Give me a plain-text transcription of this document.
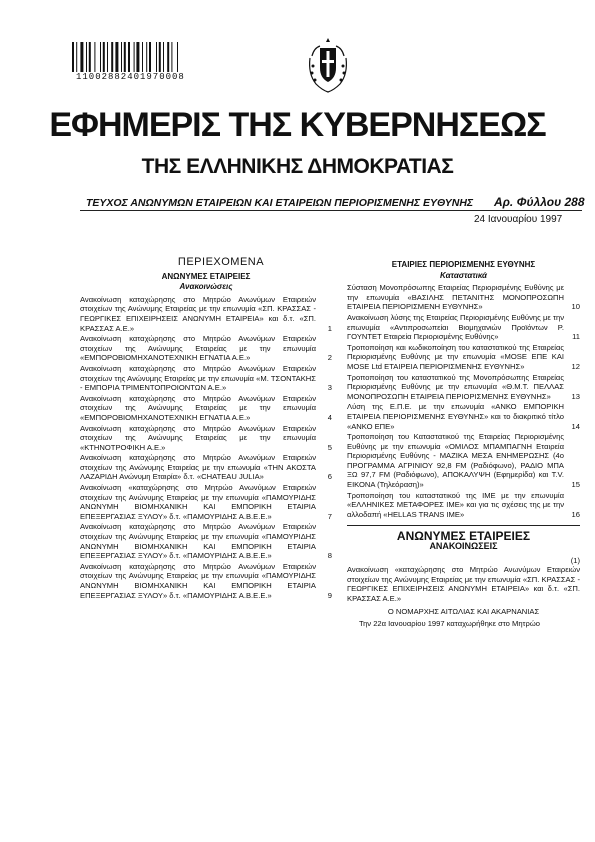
11002882401970008
ΕΦΗΜΕΡΙΣ ΤΗΣ ΚΥΒΕΡΝΗΣΕΩΣ
ΤΗΣ ΕΛΛΗΝΙΚΗΣ ΔΗΜΟΚΡΑΤΙΑΣ
ΤΕΥΧΟΣ ΑΝΩΝΥΜΩΝ ΕΤΑΙΡΕΙΩΝ ΚΑΙ ΕΤΑΙΡΕΙΩΝ ΠΕΡΙΟΡΙΣΜΕΝΗΣ ΕΥΘΥΝΗΣ Αρ. Φύλλου 288
24 Ιανουαρίου 1997
ΠΕΡΙΕΧΟΜΕΝΑ
ΑΝΩΝΥΜΕΣ ΕΤΑΙΡΕΙΕΣ
Ανακοινώσεις
Ανακοίνωση καταχώρησης στο Μητρώο Ανωνύμων Εταιρειών στοιχείων της Ανώνυμης Εταιρείας με την επωνυμία «ΣΠ. ΚΡΑΣΣΑΣ - ΓΕΩΡΓΙΚΕΣ ΕΠΙΧΕΙΡΗΣΕΙΣ ΑΝΩΝΥΜΗ ΕΤΑΙΡΕΙΑ» και δ.τ. «ΣΠ. ΚΡΑΣΣΑΣ Α.Ε.»	1
Ανακοίνωση καταχώρησης στο Μητρώο Ανωνύμων Εταιρειών στοιχείων της Ανώνυμης Εταιρείας με την επωνυμία «ΕΜΠΟΡΟΒΙΟΜΗΧΑΝΟΤΕΧΝΙΚΗ ΕΓΝΑΤΙΑ Α.Ε.»	2
Ανακοίνωση καταχώρησης στο Μητρώο Ανωνύμων Εταιρειών στοιχείων της Ανώνυμης Εταιρείας με την επωνυμία «Μ. ΤΣΟΝΤΑΚΗΣ - ΕΜΠΟΡΙΑ ΤΡΙΜΕΝΤΟΠΡΟΙΟΝΤΩΝ Α.Ε.»	3
Ανακοίνωση καταχώρησης στο Μητρώο Ανωνύμων Εταιρειών στοιχείων της Ανώνυμης Εταιρείας με την επωνυμία «ΕΜΠΟΡΟΒΙΟΜΗΧΑΝΟΤΕΧΝΙΚΗ ΕΓΝΑΤΙΑ Α.Ε.»	4
Ανακοίνωση καταχώρησης στο Μητρώο Ανωνύμων Εταιρειών στοιχείων της Ανώνυμης Εταιρείας με την επωνυμία «ΚΤΗΝΟΤΡΟΦΙΚΗ Α.Ε.»	5
Ανακοίνωση καταχώρησης στο Μητρώο Ανωνύμων Εταιρειών στοιχείων της Ανώνυμης Εταιρείας με την επωνυμία «ΤΗΝ ΑΚΟΣΤΑ ΛΑΖΑΡΙΔΗ Ανώνυμη Εταιρία» δ.τ. «CHATEAU JULIA»	6
Ανακοίνωση «καταχώρησης στο Μητρώο Ανωνύμων Εταιρειών στοιχείων της Ανώνυμης Εταιρείας με την επωνυμία «ΠΑΜΟΥΡΙΔΗΣ ΑΝΩΝΥΜΗ ΒΙΟΜΗΧΑΝΙΚΗ ΚΑΙ ΕΜΠΟΡΙΚΗ ΕΤΑΙΡΙΑ ΕΠΕΞΕΡΓΑΣΙΑΣ ΞΥΛΟΥ» δ.τ. «ΠΑΜΟΥΡΙΔΗΣ Α.Β.Ε.Ε.»	7
Ανακοίνωση καταχώρησης στο Μητρώο Ανωνύμων Εταιρειών στοιχείων της Ανώνυμης Εταιρείας με την επωνυμία «ΠΑΜΟΥΡΙΔΗΣ ΑΝΩΝΥΜΗ ΒΙΟΜΗΧΑΝΙΚΗ ΚΑΙ ΕΜΠΟΡΙΚΗ ΕΤΑΙΡΙΑ ΕΠΕΞΕΡΓΑΣΙΑΣ ΞΥΛΟΥ» δ.τ. «ΠΑΜΟΥΡΙΔΗΣ Α.Β.Ε.Ε.»	8
Ανακοίνωση καταχώρησης στο Μητρώο Ανωνύμων Εταιρειών στοιχείων της Ανώνυμης Εταιρείας με την επωνυμία «ΠΑΜΟΥΡΙΔΗΣ ΑΝΩΝΥΜΗ ΒΙΟΜΗΧΑΝΙΚΗ ΚΑΙ ΕΜΠΟΡΙΚΗ ΕΤΑΙΡΙΑ ΕΠΕΞΕΡΓΑΣΙΑΣ ΞΥΛΟΥ» δ.τ. «ΠΑΜΟΥΡΙΔΗΣ Α.Β.Ε.Ε.»	9
ΕΤΑΙΡΙΕΣ ΠΕΡΙΟΡΙΣΜΕΝΗΣ ΕΥΘΥΝΗΣ
Καταστατικά
Σύσταση Μονοπρόσωπης Εταιρείας Περιορισμένης Ευθύνης με την επωνυμία «ΒΑΣΙΛΗΣ ΠΕΤΑΝΙΤΗΣ ΜΟΝΟΠΡΟΣΩΠΗ ΕΤΑΙΡΕΙΑ ΠΕΡΙΟΡΙΣΜΕΝΗ ΕΥΘΥΝΗΣ»	10
Ανακοίνωση λύσης της Εταιρείας Περιορισμένης Ευθύνης με την επωνυμία «Αντιπροσωπείαι Βιομηχανιών Προϊόντων Ρ. ΓΟΥΝΤΕΤ Εταιρεία Περιορισμένης Ευθύνης»	11
Τροποποίηση και κωδικοποίηση του καταστατικού της Εταιρείας Περιορισμένης Ευθύνης με την επωνυμία «MOSE ΕΠΕ ΚΑΙ MOSE Ltd ΕΤΑΙΡΕΙΑ ΠΕΡΙΟΡΙΣΜΕΝΗΣ ΕΥΘΥΝΗΣ»	12
Τροποποίηση του καταστατικού της Μονοπρόσωπης Εταιρείας Περιορισμένης Ευθύνης με την επωνυμία «Θ.Μ.Τ. ΠΕΛΛΑΣ ΜΟΝΟΠΡΟΣΩΠΗ ΕΤΑΙΡΕΙΑ ΠΕΡΙΟΡΙΣΜΕΝΗΣ ΕΥΘΥΝΗΣ»	13
Λύση της Ε.Π.Ε. με την επωνυμία «ΑΝΚΟ ΕΜΠΟΡΙΚΗ ΕΤΑΙΡΕΙΑ ΠΕΡΙΟΡΙΣΜΕΝΗΣ ΕΥΘΥΝΗΣ» και το διακριτικό τίτλο «ΑΝΚΟ ΕΠΕ»	14
Τροποποίηση του Καταστατικού της Εταιρείας Περιορισμένης Ευθύνης με την επωνυμία «ΟΜΙΛΟΣ ΜΠΑΜΠΑΓΝΗ Εταιρεία Περιορισμένης Ευθύνης - ΜΑΖΙΚΑ ΜΕΣΑ ΕΝΗΜΕΡΩΣΗΣ (4ο ΠΡΟΓΡΑΜΜΑ ΑΓΡΙΝΙΟΥ 92,8 FM (Ραδιόφωνο), ΡΑΔΙΟ ΜΠΑ ΞΩ 97,7 FM (Ραδιόφωνο), ΑΠΟΚΑΛΥΨΗ (Εφημερίδα) και Τ.V. ΕΙΚΟΝΑ (Τηλεόραση)»	15
Τροποποίηση του καταστατικού της ΙΜΕ με την επωνυμία «ΕΛΛΗΝΙΚΕΣ ΜΕΤΑΦΟΡΕΣ ΙΜΕ» και για τις σχέσεις της με την αλλοδαπή «HELLAS TRANS IME»	16
ΑΝΩΝΥΜΕΣ ΕΤΑΙΡΕΙΕΣ
ΑΝΑΚΟΙΝΩΣΕΙΣ
(1)
Ανακοίνωση «καταχώρησης στο Μητρώο Ανωνύμων Εταιρειών στοιχείων της Ανώνυμης Εταιρείας με την επωνυμία «ΣΠ. ΚΡΑΣΣΑΣ - ΓΕΩΡΓΙΚΕΣ ΕΠΙΧΕΙΡΗΣΕΙΣ ΑΝΩΝΥΜΗ ΕΤΑΙΡΕΙΑ» και δ.τ. «ΣΠ. ΚΡΑΣΣΑΣ Α.Ε.»
Ο ΝΟΜΑΡΧΗΣ ΑΙΤΩΛΙΑΣ ΚΑΙ ΑΚΑΡΝΑΝΙΑΣ
Την 22α Ιανουαρίου 1997 καταχωρήθηκε στο Μητρώο
